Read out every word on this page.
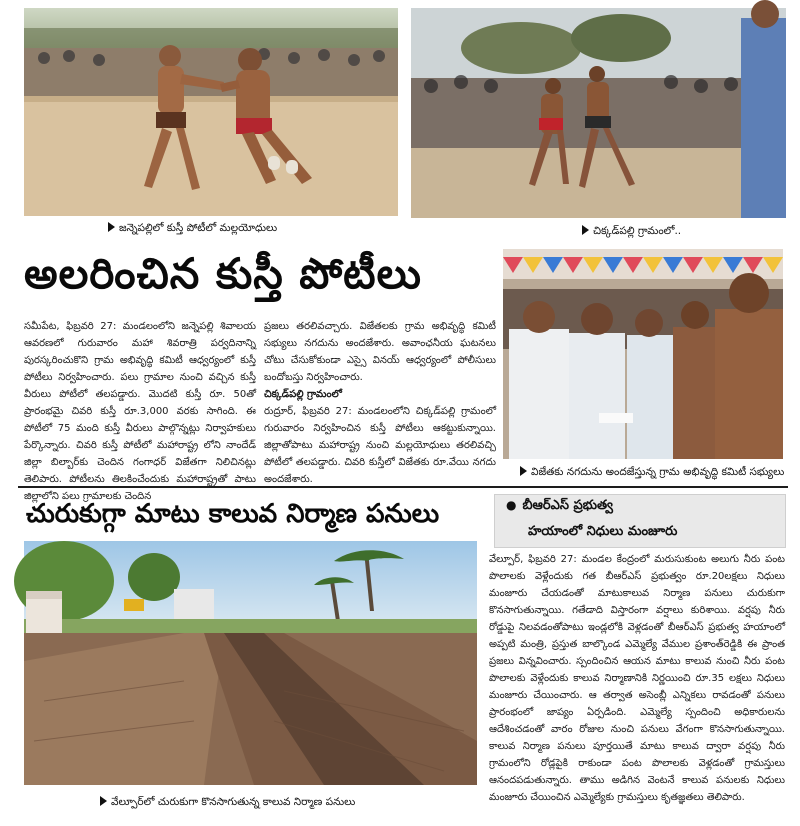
జన్నెపల్లిలో కుస్తీ పోటీలో మల్లయోధులు	చిక్కడ్‌పల్లి గ్రామంలో..
అలరించిన కుస్తీ పోటీలు
సమీపేట, ఫిబ్రవరి 27: మండలంలోని జన్నెపల్లి శివాలయ ఆవరణలో గురువారం మహా శివరాత్రి పర్వదినాన్ని పురస్కరించుకొని గ్రామ అభివృద్ధి కమిటీ ఆధ్వర్యంలో కుస్తీ పోటీలు నిర్వహించారు. పలు గ్రామాల నుంచి వచ్చిన కుస్తీ వీరులు పోటీలో తలపడ్డారు. మొదటి కుస్తీ రూ. 50తో ప్రారంభమై చివరి కుస్తీ రూ.3,000 వరకు సాగింది. ఈ పోటీలో 75 మంది కుస్తీ వీరులు పాల్గొన్నట్లు నిర్వాహకులు పేర్కొన్నారు. చివరి కుస్తీ పోటీలో మహారాష్ట్ర లోని నాందేడ్ జిల్లా బిల్బార్‌కు చెందిన గంగాధర్ విజేతగా నిలిచినట్లు తెలిపారు. పోటీలను తిలకించేందుకు మహారాష్ట్రతో పాటు జిల్లాలోని పలు గ్రామాలకు చెందిన
ప్రజలు తరలివచ్చారు. విజేతలకు గ్రామ అభివృద్ధి కమిటీ సభ్యులు నగదును అందజేశారు. అవాంఛనీయ ఘటనలు చోటు చేసుకోకుండా ఎస్సై వినయ్ ఆధ్వర్యంలో పోలీసులు బందోబస్తు నిర్వహించారు.
చిక్కడ్‌పల్లి గ్రామంలో
రుద్రూర్, ఫిబ్రవరి 27: మండలంలోని చిక్కడ్‌పల్లి గ్రామంలో గురువారం నిర్వహించిన కుస్తీ పోటీలు ఆకట్టుకున్నాయి. జిల్లాతోపాటు మహారాష్ట్ర నుంచి మల్లయోధులు తరలివచ్చి పోటీలో తలపడ్డారు. చివరి కుస్తీలో విజేతకు రూ.వేయి నగదు అందజేశారు.
విజేతకు నగదును అందజేస్తున్న గ్రామ అభివృద్ధి కమిటీ సభ్యులు
చురుకుగ్గా మాటు కాలువ నిర్మాణ పనులు	● బీఆర్ఎస్ ప్రభుత్వ
హయాంలో నిధులు మంజూరు
వేల్పూర్‌లో చురుకుగా కొనసాగుతున్న కాలువ నిర్మాణ పనులు
వేల్పూర్, ఫిబ్రవరి 27: మండల కేంద్రంలో మరుసుకుంట అలుగు నీరు పంట పొలాలకు వెళ్లేందుకు గత బీఆర్ఎస్ ప్రభుత్వం రూ.20లక్షలు నిధులు మంజూరు చేయడంతో మాటుకాలువ నిర్మాణ పనులు చురుకుగా కొనసాగుతున్నాయి. గతేడాది విస్తారంగా వర్షాలు కురిశాయి. వర్షపు నీరు రోడ్డుపై నిలవడంతోపాటు ఇండ్లలోకి వెళ్లడంతో బీఆర్ఎస్ ప్రభుత్వ హయాంలో అప్పటి మంత్రి, ప్రస్తుత బాల్కొండ ఎమ్మెల్యే వేముల ప్రశాంత్‌రెడ్డికి ఈ ప్రాంత ప్రజలు విన్నవించారు. స్పందించిన ఆయన మాటు కాలువ నుంచి నీరు పంట పొలాలకు వెళ్లేందుకు కాలువ నిర్మాణానికి నిర్ణయించి రూ.35 లక్షలు నిధులు మంజూరు చేయించారు. ఆ తర్వాత అసెంబ్లీ ఎన్నికలు రావడంతో పనులు ప్రారంభంలో జాప్యం ఏర్పడింది. ఎమ్మెల్యే స్పందించి అధికారులను ఆదేశించడంతో వారం రోజుల నుంచి పనులు వేగంగా కొనసాగుతున్నాయి. కాలువ నిర్మాణ పనులు పూర్తయితే మాటు కాలువ ద్వారా వర్షపు నీరు గ్రామంలోని రోడ్లపైకి రాకుండా పంట పొలాలకు వెళ్లడంతో గ్రామస్తులు ఆనందపడుతున్నారు. తాము అడిగిన వెంటనే కాలువ పనులకు నిధులు మంజూరు చేయించిన ఎమ్మెల్యేకు గ్రామస్తులు కృతజ్ఞతలు తెలిపారు.
